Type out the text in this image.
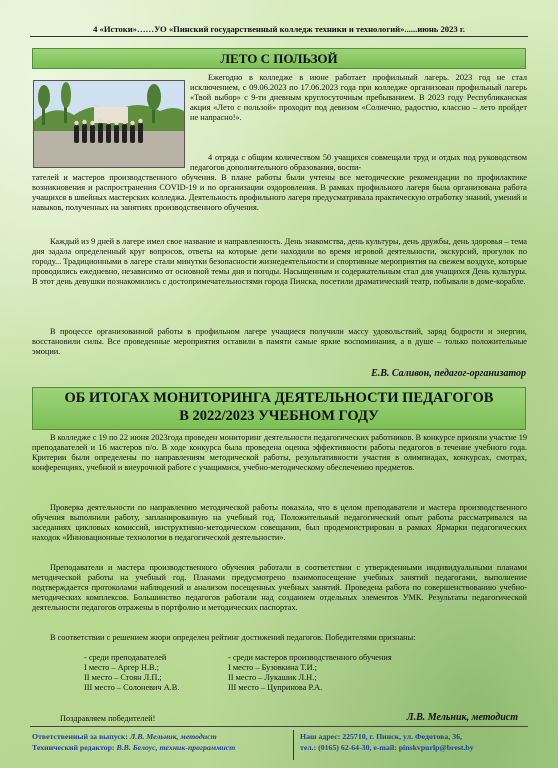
4 «Истоки»……УО «Пинский государственный колледж техники и технологий»......июнь 2023 г.
ЛЕТО С ПОЛЬЗОЙ

Ежегодно в колледже в июне работает профильный лагерь. 2023 год не стал исключением, с 09.06.2023 по 17.06.2023 года при колледже организован профильный лагерь «Твой выбор» с 9-ти дневным круглосуточным пребыванием. В 2023 году Республиканская акция «Лето с пользой» проходит под девизом «Солнечно, радостно, классно – лето пройдет не напрасно!».

4 отряда с общим количеством 50 учащихся совмещали труд и отдых под руководством педагогов дополнительного образования, воспи-

тателей и мастеров производственного обучения. В плане работы были учтены все методические рекомендации по профилактике возникновения и распространения COVID-19 и по организации оздоровления. В рамках профильного лагеря была организована работа учащихся в швейных мастерских колледжа. Деятельность профильного лагеря предусматривала практическую отработку знаний, умений и навыков, полученных на занятиях производственного обучения.

Каждый из 9 дней в лагере имел свое название и направленность. День знакомства, день культуры, день дружбы, день здоровья – тема дня задала определенный круг вопросов, ответы на которые дети находили во время игровой деятельности, экскурсий, прогулок по городу... Традиционными в лагере стали минутки безопасности жизнедеятельности и спортивные мероприятия на свежем воздухе, которые проводились ежедневно, независимо от основной темы дня и погоды. Насыщенным и содержательным стал для учащихся День культуры. В этот день девушки познакомились с достопримечательностями города Пинска, посетили драматический театр, побывали в доме-корабле.

В процессе организованной работы в профильном лагере учащиеся получили массу удовольствий, заряд бодрости и энергии, восстановили силы. Все проведенные мероприятия оставили в памяти самые яркие воспоминания, а в душе – только положительные эмоции.

Е.В. Саливон, педагог-организатор
ОБ ИТОГАХ МОНИТОРИНГА ДЕЯТЕЛЬНОСТИ ПЕДАГОГОВ
В 2022/2023 УЧЕБНОМ ГОДУ

В колледже с 19 по 22 июня 2023года проведен мониторинг деятельности педагогических работников. В конкурсе приняли участие 19 преподавателей и 16 мастеров п/о. В ходе конкурса была проведена оценка эффективности работы педагогов в течение учебного года. Критерии были определены по направлениям методической работы, результативности участия в олимпиадах, конкурсах, смотрах, конференциях, учебной и внеурочной работе с учащимися, учебно-методическому обеспечению предметов.

Проверка деятельности по направлению методической работы показала, что в целом преподаватели и мастера производственного обучения выполнили работу, запланированную на учебный год. Положительный педагогический опыт работы рассматривался на заседаниях цикловых комиссий, инструктивно-методическом совещании, был продемонстрирован в рамках Ярмарки педагогических находок «Инновационные технологии в педагогической деятельности».

Преподаватели и мастера производственного обучения работали в соответствии с утвержденными индивидуальными планами методической работы на учебный год. Планами предусмотрено взаимопосещение учебных занятий педагогами, выполнение подтверждается протоколами наблюдений и анализом посещенных учебных занятий. Проведена работа по совершенствованию учебно-методических комплексов. Большинство педагогов работали над созданием отдельных элементов УМК. Результаты педагогической деятельности педагогов отражены в портфолио и методических паспортах.

В соответствии с решением жюри определен рейтинг достижений педагогов. Победителями признаны:

- среди преподавателей
I место – Аргер Н.В.;
II место – Стоян Л.П.;
III место – Солоневич А.В.
- среди мастеров производственного обучения
I место – Бузовкина Т.И.;
II место – Лукашик Л.Н.;
III место – Цупринова Р.А.
Поздравляем победителей!	Л.В. Мельник, методист
Ответственный за выпуск: Л.В. Мельник, методист
Технический редактор: В.В. Белоус, техник-программист
Наш адрес: 225710, г. Пинск, ул. Федотова, 36,
тел.: (0165) 62-64-30, e-mail: pinskvpurlp@brest.by
